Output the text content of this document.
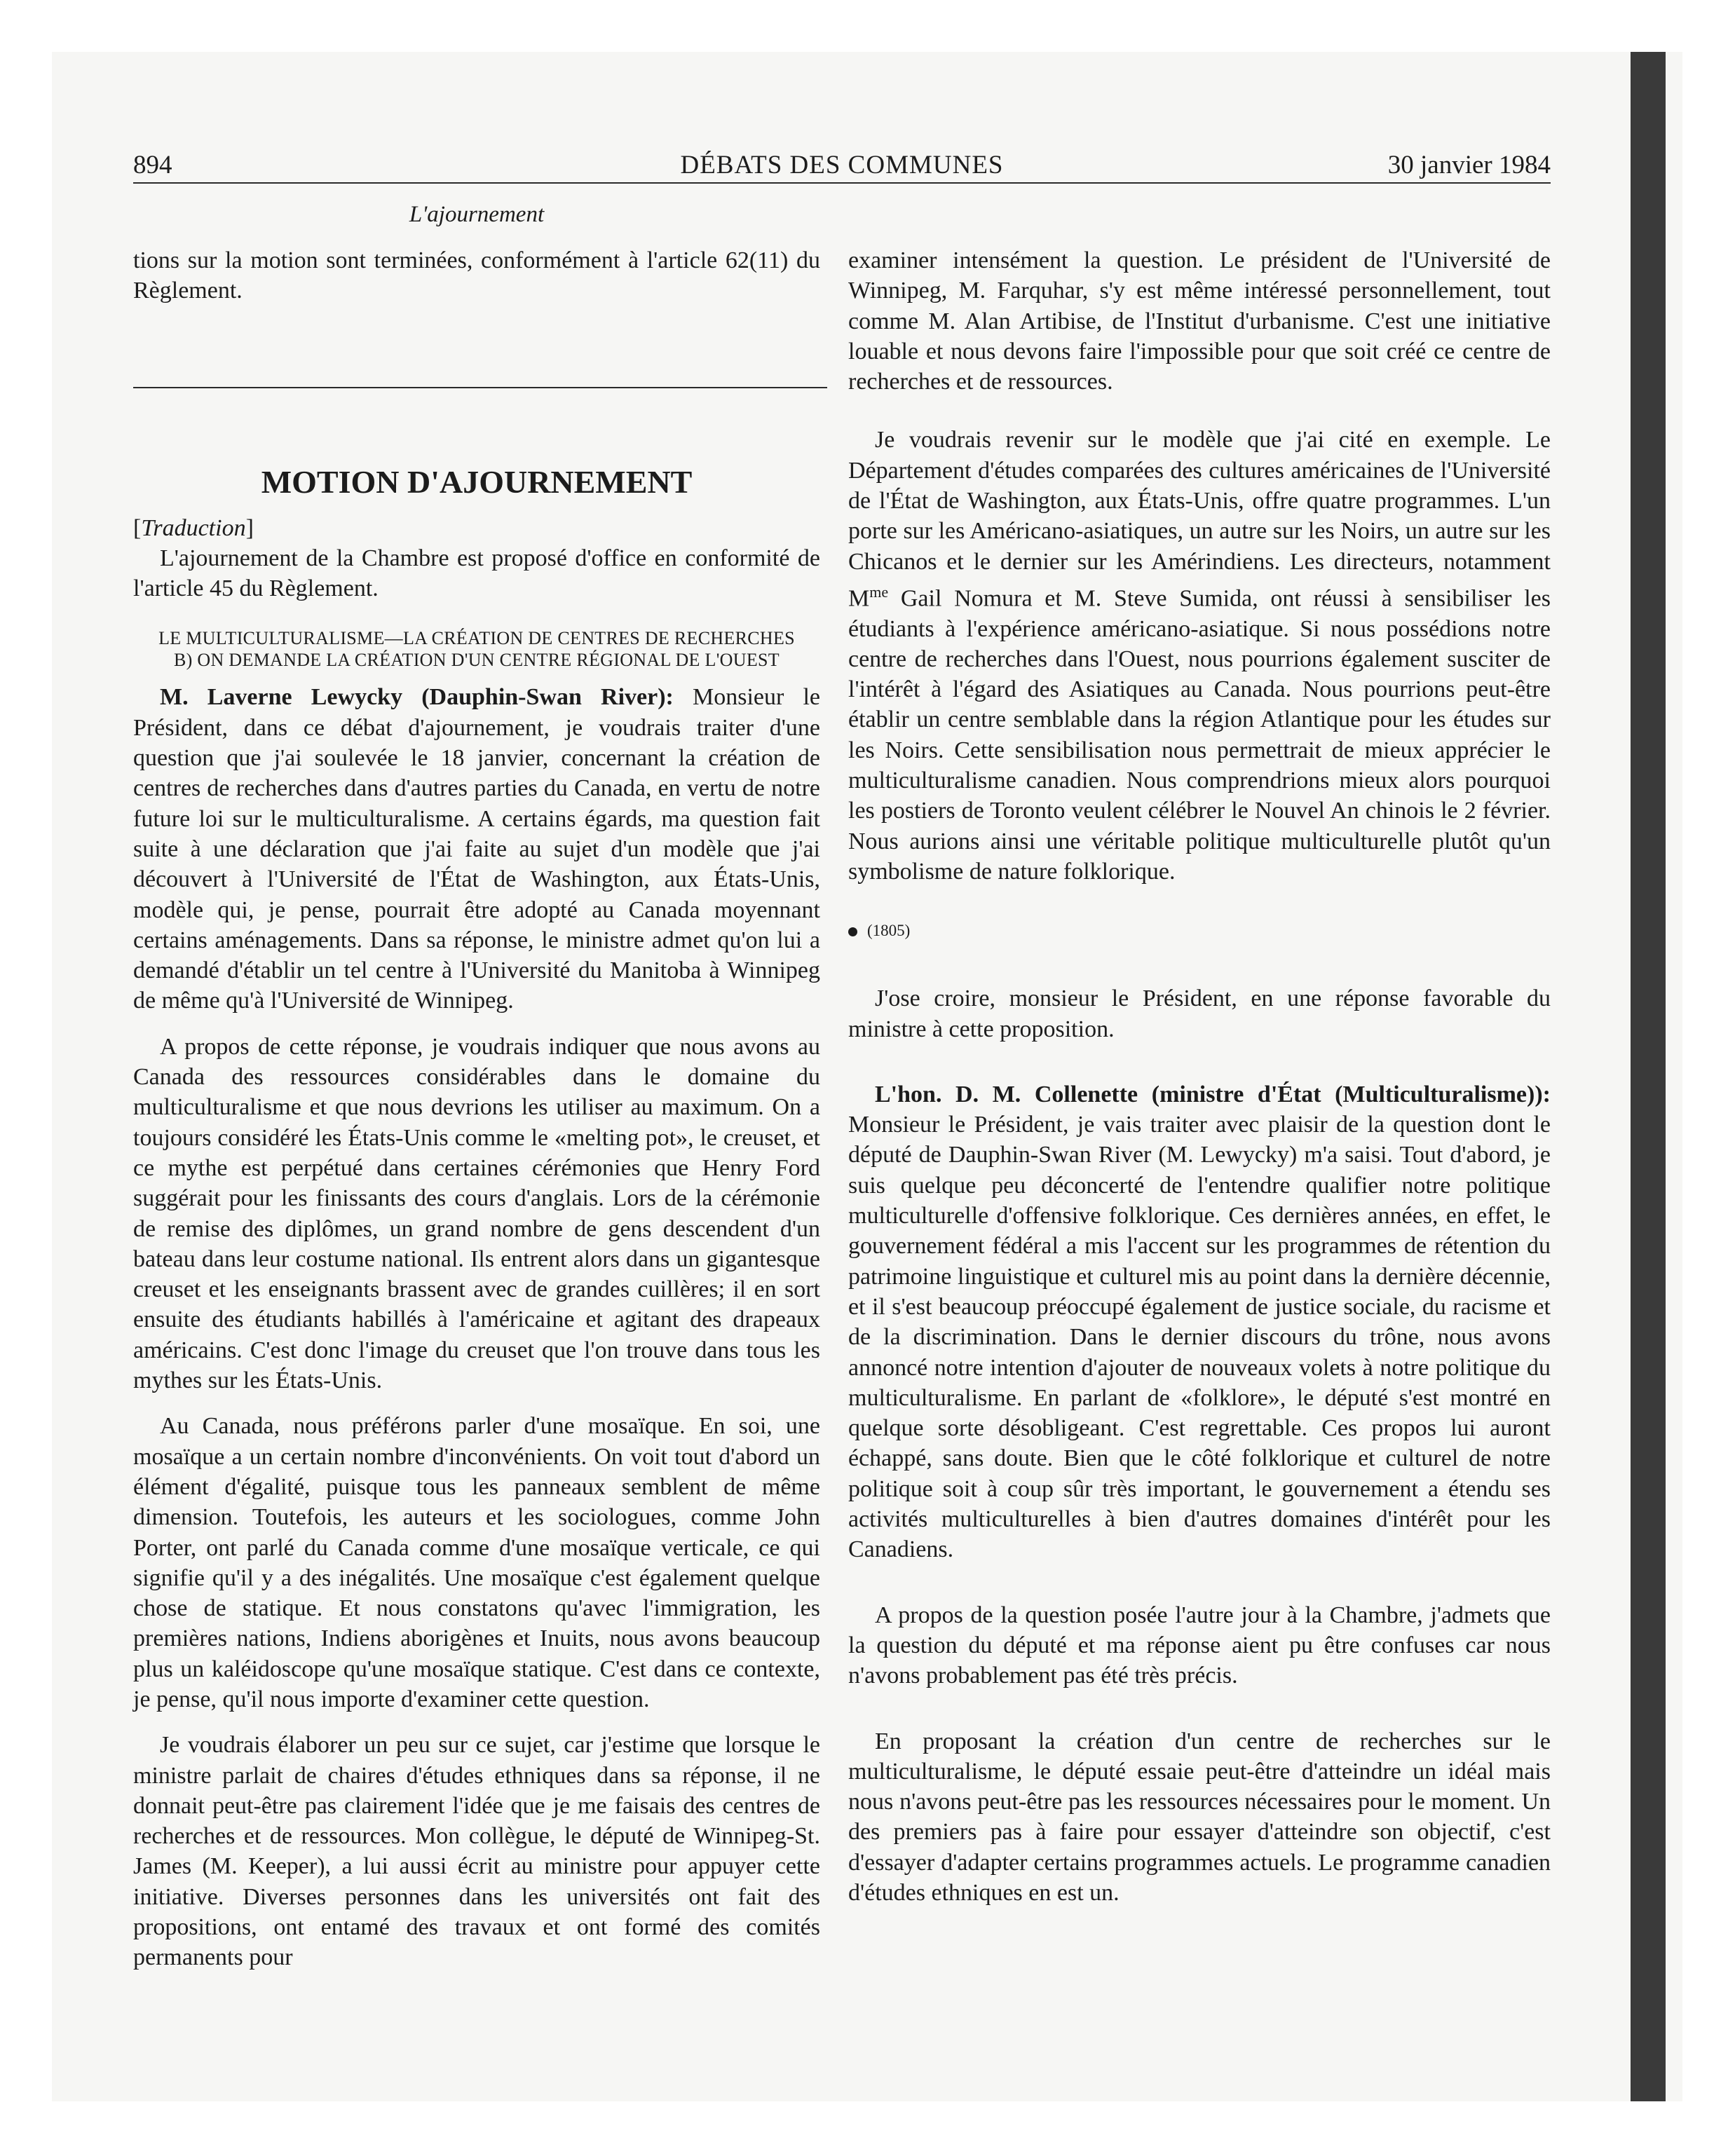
894	DÉBATS DES COMMUNES	30 janvier 1984
L'ajournement

tions sur la motion sont terminées, conformément à l'article 62(11) du Règlement.

MOTION D'AJOURNEMENT

[Traduction]

L'ajournement de la Chambre est proposé d'office en conformité de l'article 45 du Règlement.

LE MULTICULTURALISME—LA CRÉATION DE CENTRES DE RECHERCHES B) ON DEMANDE LA CRÉATION D'UN CENTRE RÉGIONAL DE L'OUEST

M. Laverne Lewycky (Dauphin-Swan River): Monsieur le Président, dans ce débat d'ajournement, je voudrais traiter d'une question que j'ai soulevée le 18 janvier, concernant la création de centres de recherches dans d'autres parties du Canada, en vertu de notre future loi sur le multiculturalisme. A certains égards, ma question fait suite à une déclaration que j'ai faite au sujet d'un modèle que j'ai découvert à l'Université de l'État de Washington, aux États-Unis, modèle qui, je pense, pourrait être adopté au Canada moyennant certains aménagements. Dans sa réponse, le ministre admet qu'on lui a demandé d'établir un tel centre à l'Université du Manitoba à Winnipeg de même qu'à l'Université de Winnipeg.

A propos de cette réponse, je voudrais indiquer que nous avons au Canada des ressources considérables dans le domaine du multiculturalisme et que nous devrions les utiliser au maximum. On a toujours considéré les États-Unis comme le «melting pot», le creuset, et ce mythe est perpétué dans certaines cérémonies que Henry Ford suggérait pour les finissants des cours d'anglais. Lors de la cérémonie de remise des diplômes, un grand nombre de gens descendent d'un bateau dans leur costume national. Ils entrent alors dans un gigantesque creuset et les enseignants brassent avec de grandes cuillères; il en sort ensuite des étudiants habillés à l'américaine et agitant des drapeaux américains. C'est donc l'image du creuset que l'on trouve dans tous les mythes sur les États-Unis.

Au Canada, nous préférons parler d'une mosaïque. En soi, une mosaïque a un certain nombre d'inconvénients. On voit tout d'abord un élément d'égalité, puisque tous les panneaux semblent de même dimension. Toutefois, les auteurs et les sociologues, comme John Porter, ont parlé du Canada comme d'une mosaïque verticale, ce qui signifie qu'il y a des inégalités. Une mosaïque c'est également quelque chose de statique. Et nous constatons qu'avec l'immigration, les premières nations, Indiens aborigènes et Inuits, nous avons beaucoup plus un kaléidoscope qu'une mosaïque statique. C'est dans ce contexte, je pense, qu'il nous importe d'examiner cette question.

Je voudrais élaborer un peu sur ce sujet, car j'estime que lorsque le ministre parlait de chaires d'études ethniques dans sa réponse, il ne donnait peut-être pas clairement l'idée que je me faisais des centres de recherches et de ressources. Mon collègue, le député de Winnipeg-St. James (M. Keeper), a lui aussi écrit au ministre pour appuyer cette initiative. Diverses personnes dans les universités ont fait des propositions, ont entamé des travaux et ont formé des comités permanents pour

examiner intensément la question. Le président de l'Université de Winnipeg, M. Farquhar, s'y est même intéressé personnellement, tout comme M. Alan Artibise, de l'Institut d'urbanisme. C'est une initiative louable et nous devons faire l'impossible pour que soit créé ce centre de recherches et de ressources.

Je voudrais revenir sur le modèle que j'ai cité en exemple. Le Département d'études comparées des cultures américaines de l'Université de l'État de Washington, aux États-Unis, offre quatre programmes. L'un porte sur les Américano-asiatiques, un autre sur les Noirs, un autre sur les Chicanos et le dernier sur les Amérindiens. Les directeurs, notamment $M^{me}$ Gail Nomura et M. Steve Sumida, ont réussi à sensibiliser les étudiants à l'expérience américano-asiatique. Si nous possédions notre centre de recherches dans l'Ouest, nous pourrions également susciter de l'intérêt à l'égard des Asiatiques au Canada. Nous pourrions peut-être établir un centre semblable dans la région Atlantique pour les études sur les Noirs. Cette sensibilisation nous permettrait de mieux apprécier le multiculturalisme canadien. Nous comprendrions mieux alors pourquoi les postiers de Toronto veulent célébrer le Nouvel An chinois le 2 février. Nous aurions ainsi une véritable politique multiculturelle plutôt qu'un symbolisme de nature folklorique.

(1805)

J'ose croire, monsieur le Président, en une réponse favorable du ministre à cette proposition.

L'hon. D. M. Collenette (ministre d'État (Multiculturalisme)): Monsieur le Président, je vais traiter avec plaisir de la question dont le député de Dauphin-Swan River (M. Lewycky) m'a saisi. Tout d'abord, je suis quelque peu déconcerté de l'entendre qualifier notre politique multiculturelle d'offensive folklorique. Ces dernières années, en effet, le gouvernement fédéral a mis l'accent sur les programmes de rétention du patrimoine linguistique et culturel mis au point dans la dernière décennie, et il s'est beaucoup préoccupé également de justice sociale, du racisme et de la discrimination. Dans le dernier discours du trône, nous avons annoncé notre intention d'ajouter de nouveaux volets à notre politique du multiculturalisme. En parlant de «folklore», le député s'est montré en quelque sorte désobligeant. C'est regrettable. Ces propos lui auront échappé, sans doute. Bien que le côté folklorique et culturel de notre politique soit à coup sûr très important, le gouvernement a étendu ses activités multiculturelles à bien d'autres domaines d'intérêt pour les Canadiens.

A propos de la question posée l'autre jour à la Chambre, j'admets que la question du député et ma réponse aient pu être confuses car nous n'avons probablement pas été très précis.

En proposant la création d'un centre de recherches sur le multiculturalisme, le député essaie peut-être d'atteindre un idéal mais nous n'avons peut-être pas les ressources nécessaires pour le moment. Un des premiers pas à faire pour essayer d'atteindre son objectif, c'est d'essayer d'adapter certains programmes actuels. Le programme canadien d'études ethniques en est un.
